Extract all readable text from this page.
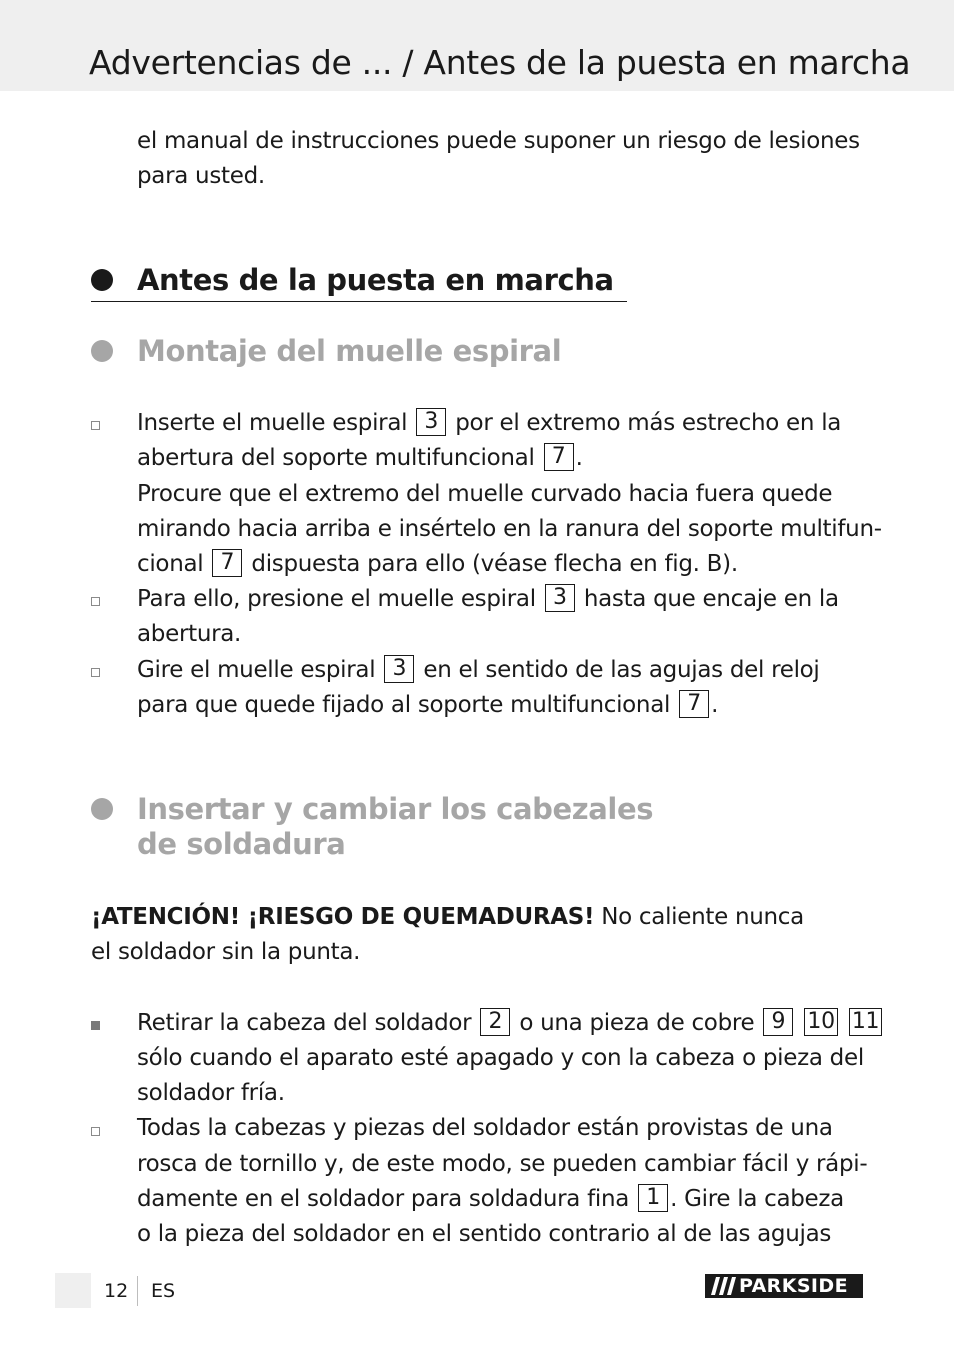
Advertencias de ... / Antes de la puesta en marcha

el manual de instrucciones puede suponer un riesgo de lesiones

para usted.

Antes de la puesta en marcha
Montaje del muelle espiral

Inserte el muelle espiral 3 por el extremo más estrecho en la

abertura del soporte multifuncional 7 .

Procure que el extremo del muelle curvado hacia fuera quede

mirando hacia arriba e insértelo en la ranura del soporte multifun-

cional 7 dispuesta para ello (véase flecha en fig. B).

Para ello, presione el muelle espiral 3 hasta que encaje en la

abertura.

Gire el muelle espiral 3 en el sentido de las agujas del reloj

para que quede fijado al soporte multifuncional 7 .

Insertar y cambiar los cabezales
de soldadura

¡ATENCIÓN! ¡RIESGO DE QUEMADURAS! No caliente nunca

el soldador sin la punta.

Retirar la cabeza del soldador 2 o una pieza de cobre 9 10 11

sólo cuando el aparato esté apagado y con la cabeza o pieza del

soldador fría.

Todas la cabezas y piezas del soldador están provistas de una

rosca de tornillo y, de este modo, se pueden cambiar fácil y rápi-

damente en el soldador para soldadura fina 1 . Gire la cabeza

o la pieza del soldador en el sentido contrario al de las agujas

12 ES	PARKSIDE
